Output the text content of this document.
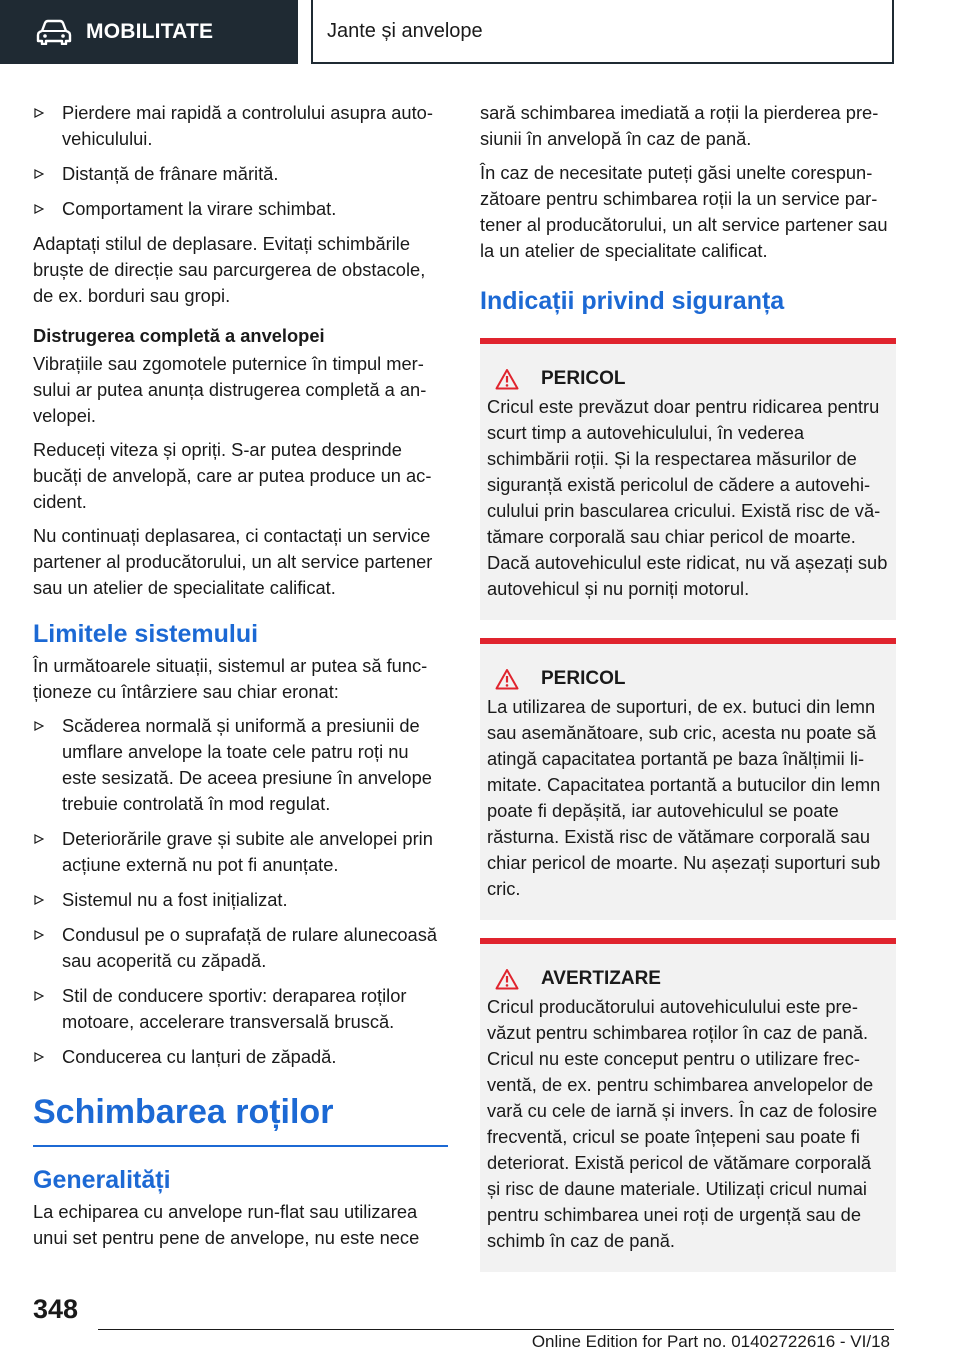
MOBILITATE	Jante și anvelope
Pierdere mai rapidă a controlului asupra autovehiculului.
Distanță de frânare mărită.
Comportament la virare schimbat.

Adaptați stilul de deplasare. Evitați schimbările bruște de direcție sau parcurgerea de obstacole, de ex. borduri sau gropi.

Distrugerea completă a anvelopei

Vibrațiile sau zgomotele puternice în timpul mersului ar putea anunța distrugerea completă a anvelopei.

Reduceți viteza și opriți. S-ar putea desprinde bucăți de anvelopă, care ar putea produce un accident.

Nu continuați deplasarea, ci contactați un service partener al producătorului, un alt service partener sau un atelier de specialitate calificat.

Limitele sistemului

În următoarele situații, sistemul ar putea să funcționeze cu întârziere sau chiar eronat:

Scăderea normală și uniformă a presiunii de umflare anvelope la toate cele patru roți nu este sesizată. De aceea presiune în anvelope trebuie controlată în mod regulat.
Deteriorările grave și subite ale anvelopei prin acțiune externă nu pot fi anunțate.
Sistemul nu a fost inițializat.
Condusul pe o suprafață de rulare alunecoasă sau acoperită cu zăpadă.
Stil de conducere sportiv: deraparea roților motoare, accelerare transversală bruscă.
Conducerea cu lanțuri de zăpadă.
Schimbarea roților
Generalități

La echiparea cu anvelope run-flat sau utilizarea unui set pentru pene de anvelope, nu este nece

sară schimbarea imediată a roții la pierderea presiunii în anvelopă în caz de pană.

În caz de necesitate puteți găsi unelte corespunzătoare pentru schimbarea roții la un service partener al producătorului, un alt service partener sau la un atelier de specialitate calificat.

Indicații privind siguranța
PERICOL

Cricul este prevăzut doar pentru ridicarea pentru scurt timp a autovehiculului, în vederea schimbării roții. Și la respectarea măsurilor de siguranță există pericolul de cădere a autovehiculului prin bascularea cricului. Există risc de vătămare corporală sau chiar pericol de moarte. Dacă autovehiculul este ridicat, nu vă așezați sub autovehicul și nu porniți motorul.

PERICOL

La utilizarea de suporturi, de ex. butuci din lemn sau asemănătoare, sub cric, acesta nu poate să atingă capacitatea portantă pe baza înălțimii limitate. Capacitatea portantă a butucilor din lemn poate fi depășită, iar autovehiculul se poate răsturna. Există risc de vătămare corporală sau chiar pericol de moarte. Nu așezați suporturi sub cric.

AVERTIZARE

Cricul producătorului autovehiculului este prevăzut pentru schimbarea roților în caz de pană. Cricul nu este conceput pentru o utilizare frecventă, de ex. pentru schimbarea anvelopelor de vară cu cele de iarnă și invers. În caz de folosire frecventă, cricul se poate înțepeni sau poate fi deteriorat. Există pericol de vătămare corporală și risc de daune materiale. Utilizați cricul numai pentru schimbarea unei roți de urgență sau de schimb în caz de pană.

348
Online Edition for Part no. 01402722616 - VI/18
